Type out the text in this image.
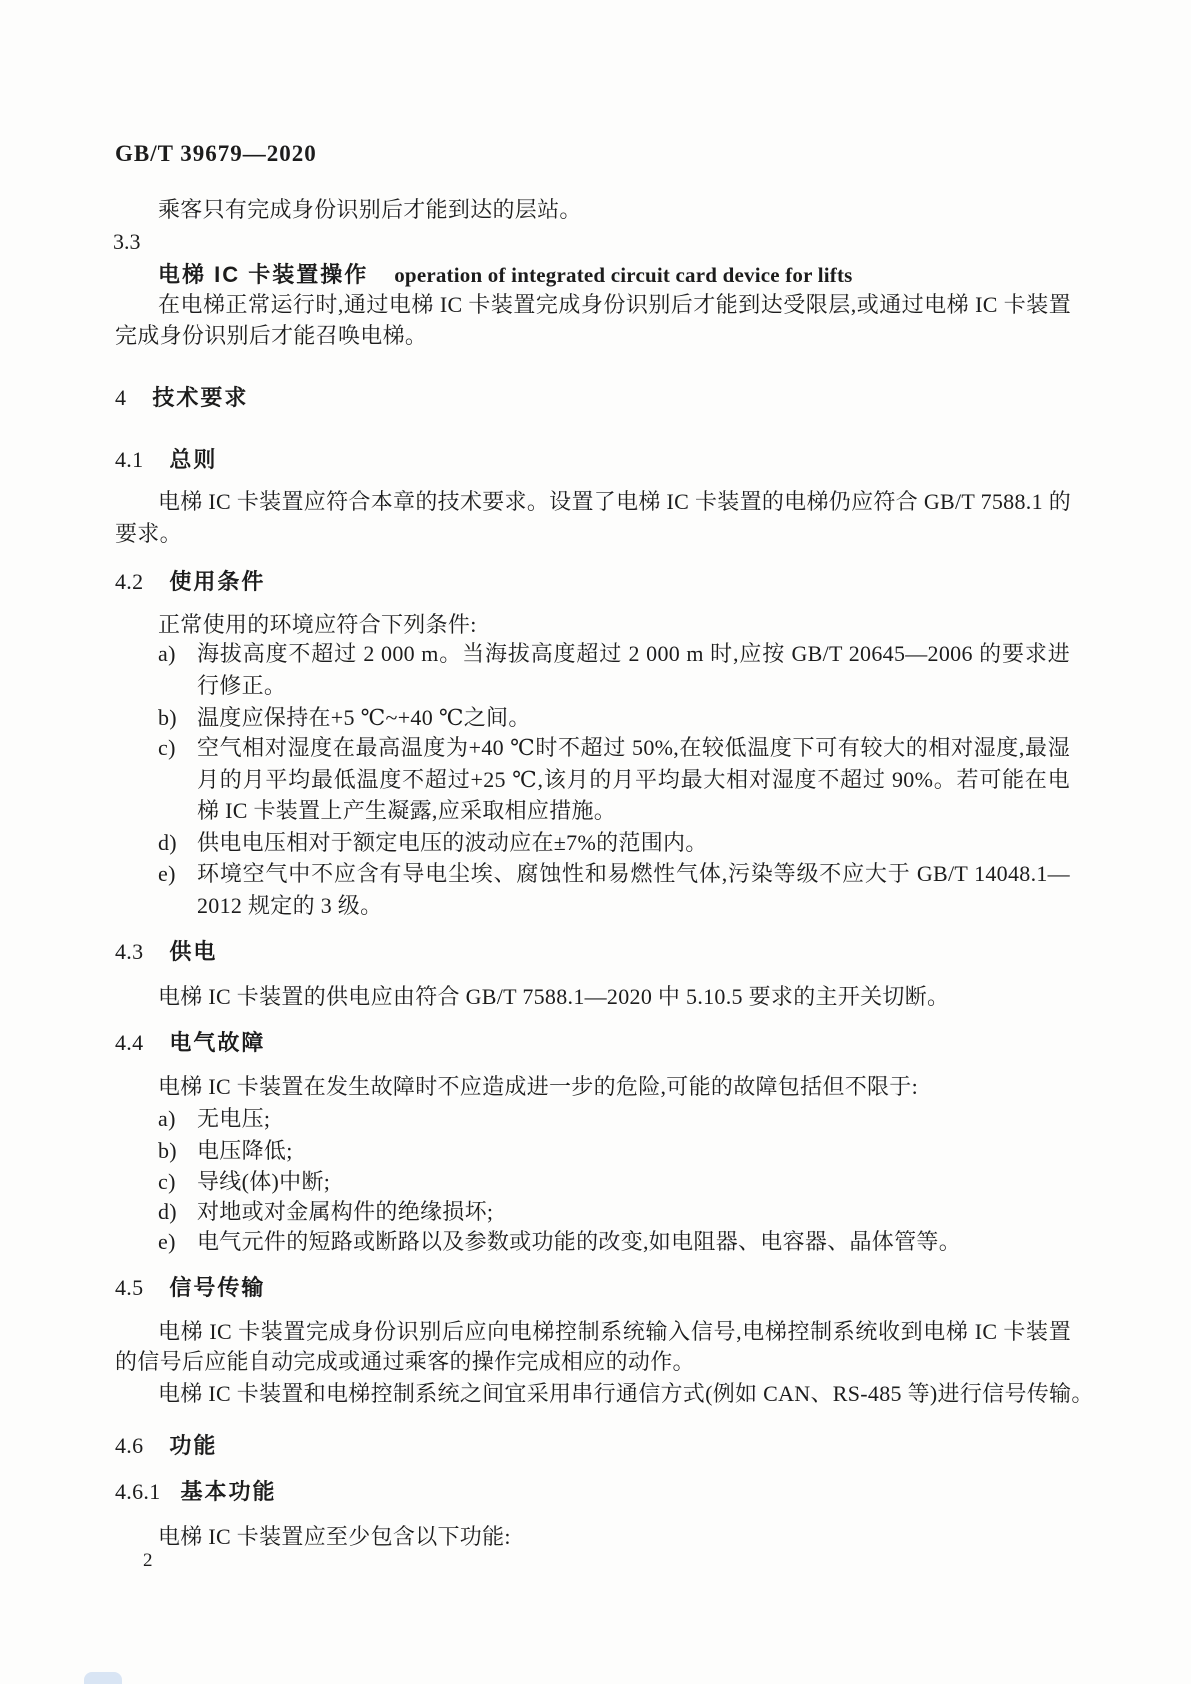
GB/T 39679—2020
乘客只有完成身份识别后才能到达的层站。
3.3
电梯 IC 卡装置操作 operation of integrated circuit card device for lifts
在电梯正常运行时,通过电梯 IC 卡装置完成身份识别后才能到达受限层,或通过电梯 IC 卡装置完成身份识别后才能召唤电梯。
4 技术要求
4.1 总则
电梯 IC 卡装置应符合本章的技术要求。设置了电梯 IC 卡装置的电梯仍应符合 GB/T 7588.1 的要求。
4.2 使用条件
正常使用的环境应符合下列条件:
a) 海拔高度不超过 2 000 m。当海拔高度超过 2 000 m 时,应按 GB/T 20645—2006 的要求进行修正。
b) 温度应保持在+5 ℃~+40 ℃之间。
c) 空气相对湿度在最高温度为+40 ℃时不超过 50%,在较低温度下可有较大的相对湿度,最湿月的月平均最低温度不超过+25 ℃,该月的月平均最大相对湿度不超过 90%。若可能在电梯 IC 卡装置上产生凝露,应采取相应措施。
d) 供电电压相对于额定电压的波动应在±7%的范围内。
e) 环境空气中不应含有导电尘埃、腐蚀性和易燃性气体,污染等级不应大于 GB/T 14048.1—2012 规定的 3 级。
4.3 供电
电梯 IC 卡装置的供电应由符合 GB/T 7588.1—2020 中 5.10.5 要求的主开关切断。
4.4 电气故障
电梯 IC 卡装置在发生故障时不应造成进一步的危险,可能的故障包括但不限于:
a) 无电压;
b) 电压降低;
c) 导线(体)中断;
d) 对地或对金属构件的绝缘损坏;
e) 电气元件的短路或断路以及参数或功能的改变,如电阻器、电容器、晶体管等。
4.5 信号传输
电梯 IC 卡装置完成身份识别后应向电梯控制系统输入信号,电梯控制系统收到电梯 IC 卡装置的信号后应能自动完成或通过乘客的操作完成相应的动作。
电梯 IC 卡装置和电梯控制系统之间宜采用串行通信方式(例如 CAN、RS-485 等)进行信号传输。
4.6 功能
4.6.1 基本功能
电梯 IC 卡装置应至少包含以下功能:
2
